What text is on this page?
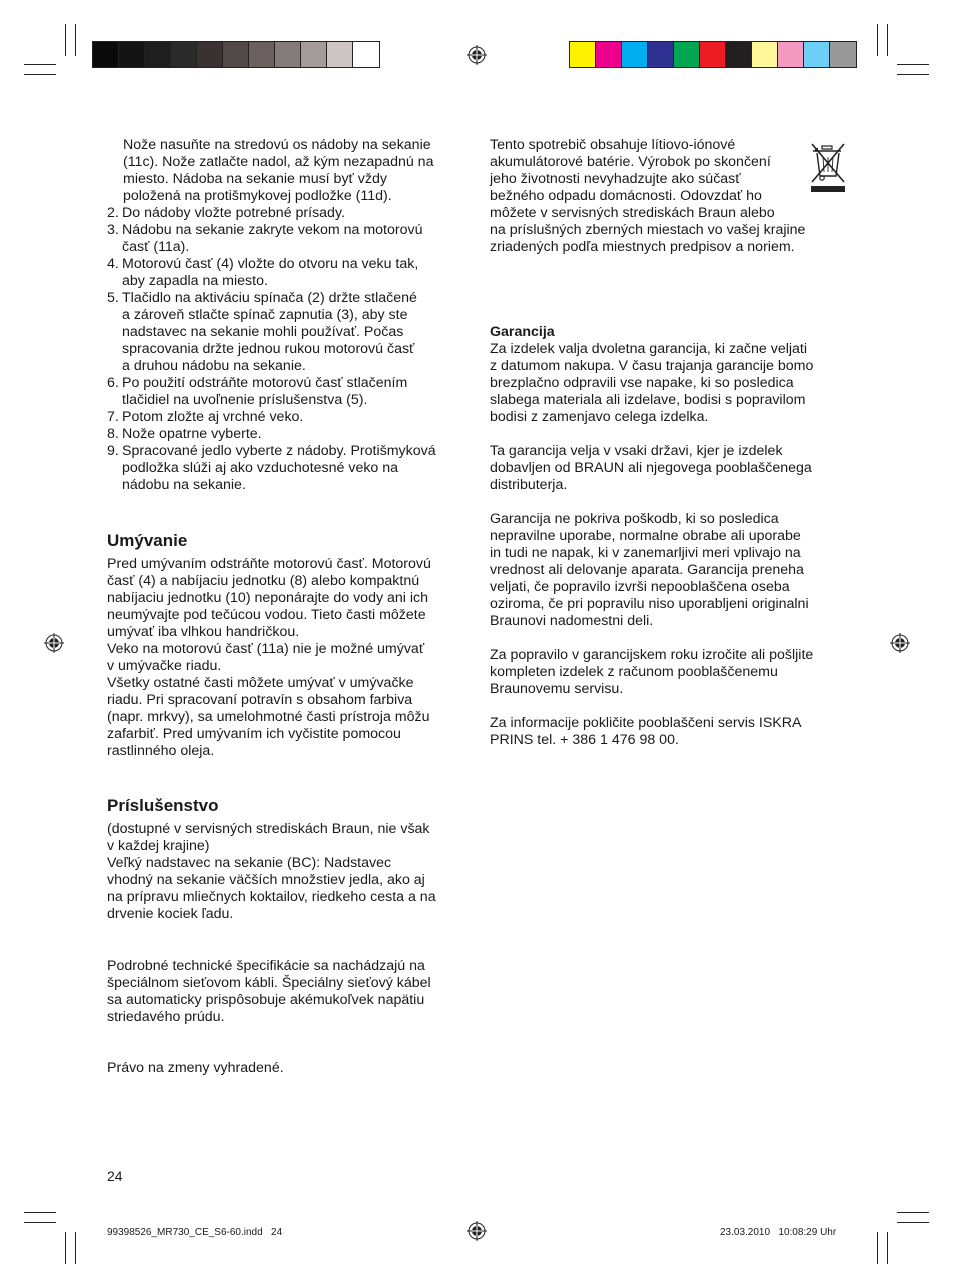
Nože nasuňte na stredovú os nádoby na sekanie
(11c). Nože zatlačte nadol, až kým nezapadnú na
miesto. Nádoba na sekanie musí byť vždy
položená na protišmykovej podložke (11d).

2. Do nádoby vložte potrebné prísady.
3. Nádobu na sekanie zakryte vekom na motorovú
časť (11a).
4. Motorovú časť (4) vložte do otvoru na veku tak,
aby zapadla na miesto.
5. Tlačidlo na aktiváciu spínača (2) držte stlačené
a zároveň stlačte spínač zapnutia (3), aby ste
nadstavec na sekanie mohli používať. Počas
spracovania držte jednou rukou motorovú časť
a druhou nádobu na sekanie.
6. Po použití odstráňte motorovú časť stlačením
tlačidiel na uvoľnenie príslušenstva (5).
7. Potom zložte aj vrchné veko.
8. Nože opatrne vyberte.
9. Spracované jedlo vyberte z nádoby. Protišmyková
podložka slúži aj ako vzduchotesné veko na
nádobu na sekanie.
Umývanie

Pred umývaním odstráňte motorovú časť. Motorovú
časť (4) a nabíjaciu jednotku (8) alebo kompaktnú
nabíjaciu jednotku (10) neponárajte do vody ani ich
neumývajte pod tečúcou vodou. Tieto časti môžete
umývať iba vlhkou handričkou.
Veko na motorovú časť (11a) nie je možné umývať
v umývačke riadu.
Všetky ostatné časti môžete umývať v umývačke
riadu. Pri spracovaní potravín s obsahom farbiva
(napr. mrkvy), sa umelohmotné časti prístroja môžu
zafarbiť. Pred umývaním ich vyčistite pomocou
rastlinného oleja.

Príslušenstvo

(dostupné v servisných strediskách Braun, nie však
v každej krajine)
Veľký nadstavec na sekanie (BC): Nadstavec
vhodný na sekanie väčších množstiev jedla, ako aj
na prípravu mliečnych koktailov, riedkeho cesta a na
drvenie kociek ľadu.

Podrobné technické špecifikácie sa nachádzajú na
špeciálnom sieťovom kábli. Špeciálny sieťový kábel
sa automaticky prispôsobuje akémukoľvek napätiu
striedavého prúdu.

Právo na zmeny vyhradené.

Tento spotrebič obsahuje lítiovo-iónové
akumulátorové batérie. Výrobok po skončení
jeho životnosti nevyhadzujte ako súčasť
bežného odpadu domácnosti. Odovzdať ho
môžete v servisných strediskách Braun alebo
na príslušných zberných miestach vo vašej krajine
zriadených podľa miestnych predpisov a noriem.

Garancija

Za izdelek valja dvoletna garancija, ki začne veljati
z datumom nakupa. V času trajanja garancije bomo
brezplačno odpravili vse napake, ki so posledica
slabega materiala ali izdelave, bodisi s popravilom
bodisi z zamenjavo celega izdelka.

Ta garancija velja v vsaki državi, kjer je izdelek
dobavljen od BRAUN ali njegovega pooblaščenega
distributerja.

Garancija ne pokriva poškodb, ki so posledica
nepravilne uporabe, normalne obrabe ali uporabe
in tudi ne napak, ki v zanemarljivi meri vplivajo na
vrednost ali delovanje aparata. Garancija preneha
veljati, če popravilo izvrši nepooblaščena oseba
oziroma, če pri popravilu niso uporabljeni originalni
Braunovi nadomestni deli.

Za popravilo v garancijskem roku izročite ali pošljite
kompleten izdelek z računom pooblaščenemu
Braunovemu servisu.

Za informacije pokličite pooblaščeni servis ISKRA
PRINS tel. + 386 1 476 98 00.

24
99398526_MR730_CE_S6-60.indd   24	23.03.2010   10:08:29 Uhr
